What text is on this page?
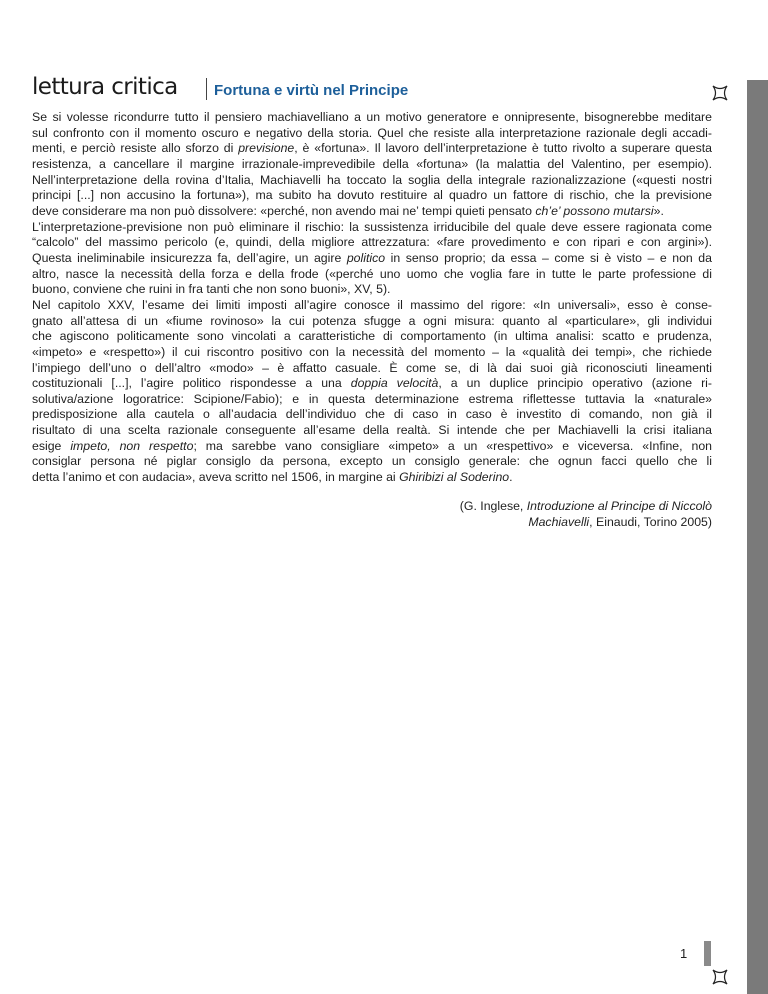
lettura critica Fortuna e virtù nel Principe

Se si volesse ricondurre tutto il pensiero machiavelliano a un motivo generatore e onnipresente, bisognerebbe meditare
sul confronto con il momento oscuro e negativo della storia. Quel che resiste alla interpretazione razionale degli accadi-
menti, e perciò resiste allo sforzo di previsione, è «fortuna». Il lavoro dell’interpretazione è tutto rivolto a superare questa
resistenza, a cancellare il margine irrazionale-imprevedibile della «fortuna» (la malattia del Valentino, per esempio).
Nell’interpretazione della rovina d’Italia, Machiavelli ha toccato la soglia della integrale razionalizzazione («questi nostri
principi [...] non accusino la fortuna»), ma subito ha dovuto restituire al quadro un fattore di rischio, che la previsione
deve considerare ma non può dissolvere: «perché, non avendo mai ne’ tempi quieti pensato ch’e’ possono mutarsi».

L’interpretazione-previsione non può eliminare il rischio: la sussistenza irriducibile del quale deve essere ragionata come
“calcolo” del massimo pericolo (e, quindi, della migliore attrezzatura: «fare provedimento e con ripari e con argini»).
Questa ineliminabile insicurezza fa, dell’agire, un agire politico in senso proprio; da essa – come si è visto – e non da
altro, nasce la necessità della forza e della frode («perché uno uomo che voglia fare in tutte le parte professione di
buono, conviene che ruini in fra tanti che non sono buoni», XV, 5).

Nel capitolo XXV, l’esame dei limiti imposti all’agire conosce il massimo del rigore: «In universali», esso è conse-
gnato all’attesa di un «fiume rovinoso» la cui potenza sfugge a ogni misura: quanto al «particulare», gli individui
che agiscono politicamente sono vincolati a caratteristiche di comportamento (in ultima analisi: scatto e prudenza,
«impeto» e «respetto») il cui riscontro positivo con la necessità del momento – la «qualità dei tempi», che richiede
l’impiego dell’uno o dell’altro «modo» – è affatto casuale. È come se, di là dai suoi già riconosciuti lineamenti
costituzionali [...], l’agire politico rispondesse a una doppia velocità, a un duplice principio operativo (azione ri-
solutiva/azione logoratrice: Scipione/Fabio); e in questa determinazione estrema riflettesse tuttavia la «naturale»
predisposizione alla cautela o all’audacia dell’individuo che di caso in caso è investito di comando, non già il
risultato di una scelta razionale conseguente all’esame della realtà. Si intende che per Machiavelli la crisi italiana
esige impeto, non respetto; ma sarebbe vano consigliare «impeto» a un «respettivo» e viceversa. «Infine, non
consiglar persona né piglar consiglo da persona, excepto un consiglo generale: che ognun facci quello che li
detta l’animo et con audacia», aveva scritto nel 1506, in margine ai Ghiribizi al Soderino.

(G. Inglese, Introduzione al Principe di Niccolò
Machiavelli, Einaudi, Torino 2005)
1
